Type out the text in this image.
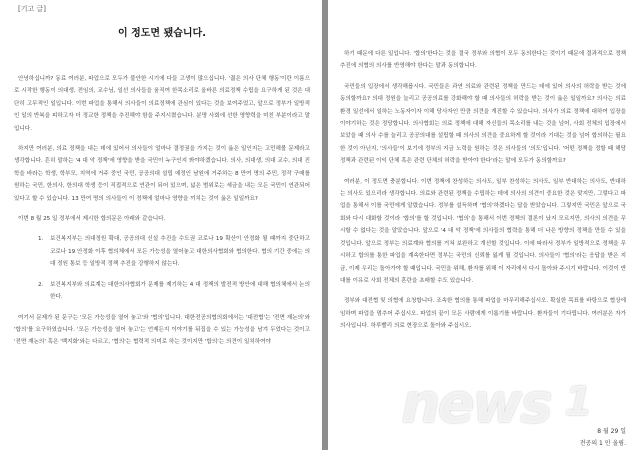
[기고 글]
이 정도면 됐습니다.

안녕하십니까? 동료 여러분, 파업으로 모두가 불안한 시기에 다들 고생이 많으십니다. '젊은 의사 단체 행동'이란 이름으로 시작한 행동이 의대생, 전임의, 교수님, 일선 의사들을 움직여 한목소리로 올바른 의료정책 수립을 요구하게 된 것은 대단히 고무적인 일입니다. 이번 파업을 통해서 의사들이 의료정책에 관심이 있다는 것을 보여주었고, 앞으로 정부가 일방적인 일의 반복을 피하고자 더 정교한 정책을 추진해야 함을 주지시켰습니다. 분명 사회에 선한 영향력을 미친 부분이라고 말입니다.

하지만 여러분, 의료 정책을 내는 데에 있어서 의사들이 얼마나 결정권을 가지는 것이 옳은 일인지는 고민해볼 문제라고 생각합니다. 흔히 말하는 '4 대 악 정책'에 영향을 받을 국민이 누구인지 봐야하겠습니다. 의사, 의대생, 의대 교수, 의대 진학을 바라는 학생, 학부모, 지역에 거주 중인 국민, 공공의대 설립 예정인 남원에 거주하는 8 만여 명의 주민, 정작 구매를 원하는 국민, 한의사, 한의대 학생 등이 직접적으로 연관이 되어 있으며, 넓은 범위로는 세금을 내는 모든 국민이 연관되어 있다고 할 수 있습니다. 13 만여 명의 의사들이 이 정책에 얼마나 영향을 끼치는 것이 옳은 일일까요?

이번 8 월 25 일 정부에서 제시한 합의문은 아래와 같습니다.

1.	보건복지부는 의대정원 확대, 공공의대 신설 추진을 수도권 코로나 19 확산이 안정화 될 때까지 중단하고 코로나 19 안정화 이후 협의체에서 모든 가능성을 열어놓고 대한의사협회와 협의한다. 협의 기간 중에는 의대 정원 통보 등 일방적 정책 추진을 강행하지 않는다.
2.	보건복지부와 의료계는 대한의사협회가 문제를 제기하는 4 대 정책의 발전적 방안에 대해 협의체에서 논의한다.

여기서 문제가 된 문구는 '모든 가능성을 열어 놓고'와 '협의'입니다. 대한전공의협의회에서는 '대전협'는 '전면 재논의'와 '합의'를 요구하였습니다. '모든 가능성을 열어 놓고'는 언제든지 이야기를 뒤집을 수 있는 가능성을 남겨 두었다는 것이고 '전면 재논의' 혹은 '백지화'와는 다르고, '협의'는 협력적 의미로 하는 것이지만 '합의'는 의견이 일치하여야

하기 때문에 다른 일입니다. '합의'한다는 것을 결국 정부와 의협이 모두 동의한다는 것이기 때문에 결과적으로 정책 추진에 의협의 의사를 반영해야 한다는 말과 동의합니다.

국민들의 입장에서 생각해봅시다. 국민들은 과연 의료와 관련된 정책을 만드는 데에 있어 의사의 허락을 받는 것에 동의할까요? 의대 정원을 늘리고 공공의료를 강화해야 할 때 의사들의 허락을 받는 것이 옳은 일일까요? 의사는 의료 환경 일선에서 일하는 노동자이자 이해 당사자인 만큼 의견을 개진할 수 있습니다. 의사가 의료 정책에 대하여 입장을 이야기하는 것은 정당합니다. 의사협회는 의료 정책에 대해 자신들의 목소리를 내는 것을 넘어, 사회 전체의 입장에서 보았을 때 의사 수를 늘리고 공공의대를 설립할 때 의사의 의견을 중요하게 할 것이라 기대는 것을 넘어 합의하는 필요한 것이 아닌지, '의사들'이 보기에 정부의 지금 노력을 원하는 것은 의사들의 '의도'입니다. '어떤 정책을 정할 때 해당 정책과 관련된 이익 단체 혹은 관련 단체의 허락을 받아야 한다'라는 말에 모두가 동의할까요?

여러분, 이 정도면 충분합니다. 이번 정책에 찬성하는 의사도, 일부 찬성하는 의사도, 일부 반대하는 의사도, 반대하는 의사도 있으리라 생각합니다. 의료와 관련된 정책을 수립하는 데에 의사의 의견이 중요한 것은 맞지만, 그렇다고 파업을 통해서 이를 국민에게 알렸습니다. 정부를 설득하며 '협의'하겠다는 답을 받았습니다. 그렇지만 국민은 앞으로 국회와 다시 대화할 것이라 '합의'를 할 것입니다. '협의'을 통해서 이번 정책의 결론이 났지 모르지만, 의사의 의견을 무시할 수 없다는 것을 알았습니다. 앞으로 '4 대 악 정책'에 의사들의 협력을 통해 더 나은 방향의 정책을 만들 수 있을 것입니다. 앞으로 정부는 의료계와 협의를 거쳐 보완하고 개선할 것입니다. 이에 따라서 정부가 일방적으로 정책을 무시하고 합의를 통한 파업을 계속한다면 정부는 국민의 신뢰를 잃게 될 것입니다. 의사들이 '협의'라는 응답을 받은 지금, 이제 우리는 돌아가야 할 때입니다. 국민을 위해, 환자를 위해 이 자리에서 다시 돌아와 주시기 바랍니다. 이것이 반대를 이유로 사회 전체의 혼란을 초래할 수도 있습니다.

정부와 대전협 및 의협에 요청합니다. 조속한 협의를 통해 파업을 마무리해주십시오. 확실한 목표를 바탕으로 협상에 임하며 파업을 멈추어 주십시오. 파업의 끝이 모든 사람에게 이롭기를 바랍니다. 환자들이 기다립니다. 여러분은 자가 의사입니다. 하루빨리 의료 현장으로 돌아와 주십시오.

8 월 29 일
전공의 1 인 올림.
news 1
